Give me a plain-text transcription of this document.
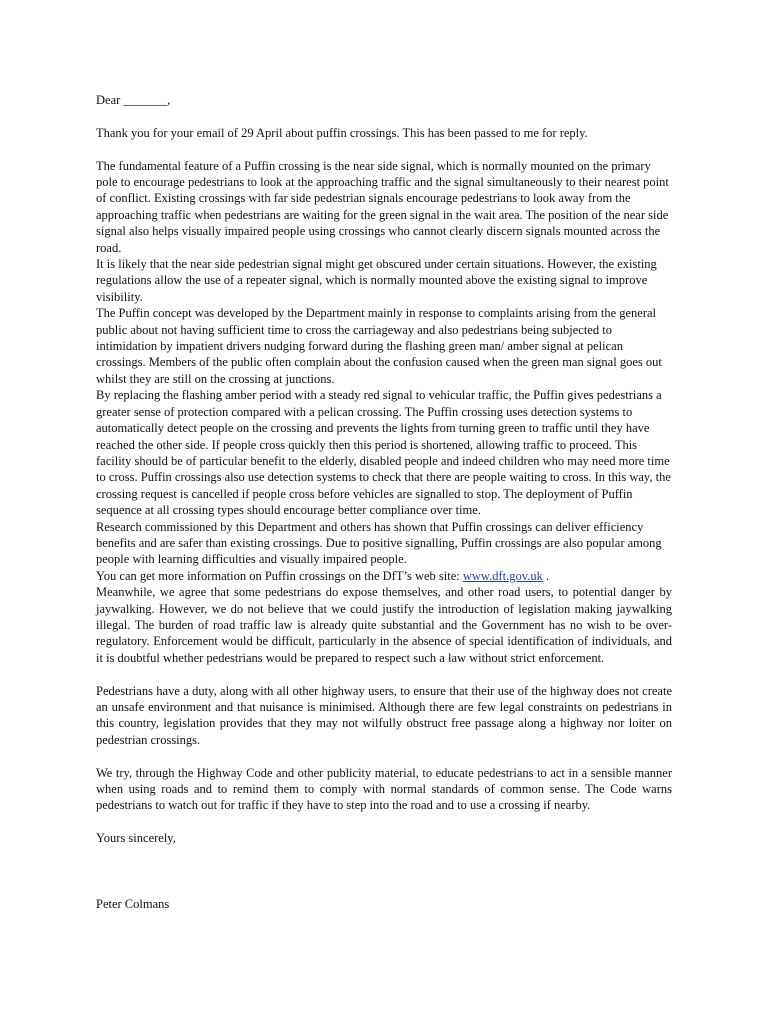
Dear _______,

Thank you for your email of 29 April about puffin crossings. This has been passed to me for reply.

The fundamental feature of a Puffin crossing is the near side signal, which is normally mounted on the primary pole to encourage pedestrians to look at the approaching traffic and the signal simultaneously to their nearest point of conflict. Existing crossings with far side pedestrian signals encourage pedestrians to look away from the approaching traffic when pedestrians are waiting for the green signal in the wait area. The position of the near side signal also helps visually impaired people using crossings who cannot clearly discern signals mounted across the road.

It is likely that the near side pedestrian signal might get obscured under certain situations. However, the existing regulations allow the use of a repeater signal, which is normally mounted above the existing signal to improve visibility.

The Puffin concept was developed by the Department mainly in response to complaints arising from the general public about not having sufficient time to cross the carriageway and also pedestrians being subjected to intimidation by impatient drivers nudging forward during the flashing green man/ amber signal at pelican crossings. Members of the public often complain about the confusion caused when the green man signal goes out whilst they are still on the crossing at junctions.

By replacing the flashing amber period with a steady red signal to vehicular traffic, the Puffin gives pedestrians a greater sense of protection compared with a pelican crossing. The Puffin crossing uses detection systems to automatically detect people on the crossing and prevents the lights from turning green to traffic until they have reached the other side. If people cross quickly then this period is shortened, allowing traffic to proceed. This facility should be of particular benefit to the elderly, disabled people and indeed children who may need more time to cross. Puffin crossings also use detection systems to check that there are people waiting to cross. In this way, the crossing request is cancelled if people cross before vehicles are signalled to stop. The deployment of Puffin sequence at all crossing types should encourage better compliance over time.

Research commissioned by this Department and others has shown that Puffin crossings can deliver efficiency benefits and are safer than existing crossings. Due to positive signalling, Puffin crossings are also popular among people with learning difficulties and visually impaired people.

You can get more information on Puffin crossings on the DfT’s web site: www.dft.gov.uk .

Meanwhile, we agree that some pedestrians do expose themselves, and other road users, to potential danger by jaywalking. However, we do not believe that we could justify the introduction of legislation making jaywalking illegal. The burden of road traffic law is already quite substantial and the Government has no wish to be over-regulatory. Enforcement would be difficult, particularly in the absence of special identification of individuals, and it is doubtful whether pedestrians would be prepared to respect such a law without strict enforcement.

Pedestrians have a duty, along with all other highway users, to ensure that their use of the highway does not create an unsafe environment and that nuisance is minimised. Although there are few legal constraints on pedestrians in this country, legislation provides that they may not wilfully obstruct free passage along a highway nor loiter on pedestrian crossings.

We try, through the Highway Code and other publicity material, to educate pedestrians to act in a sensible manner when using roads and to remind them to comply with normal standards of common sense. The Code warns pedestrians to watch out for traffic if they have to step into the road and to use a crossing if nearby.

Yours sincerely,

Peter Colmans
